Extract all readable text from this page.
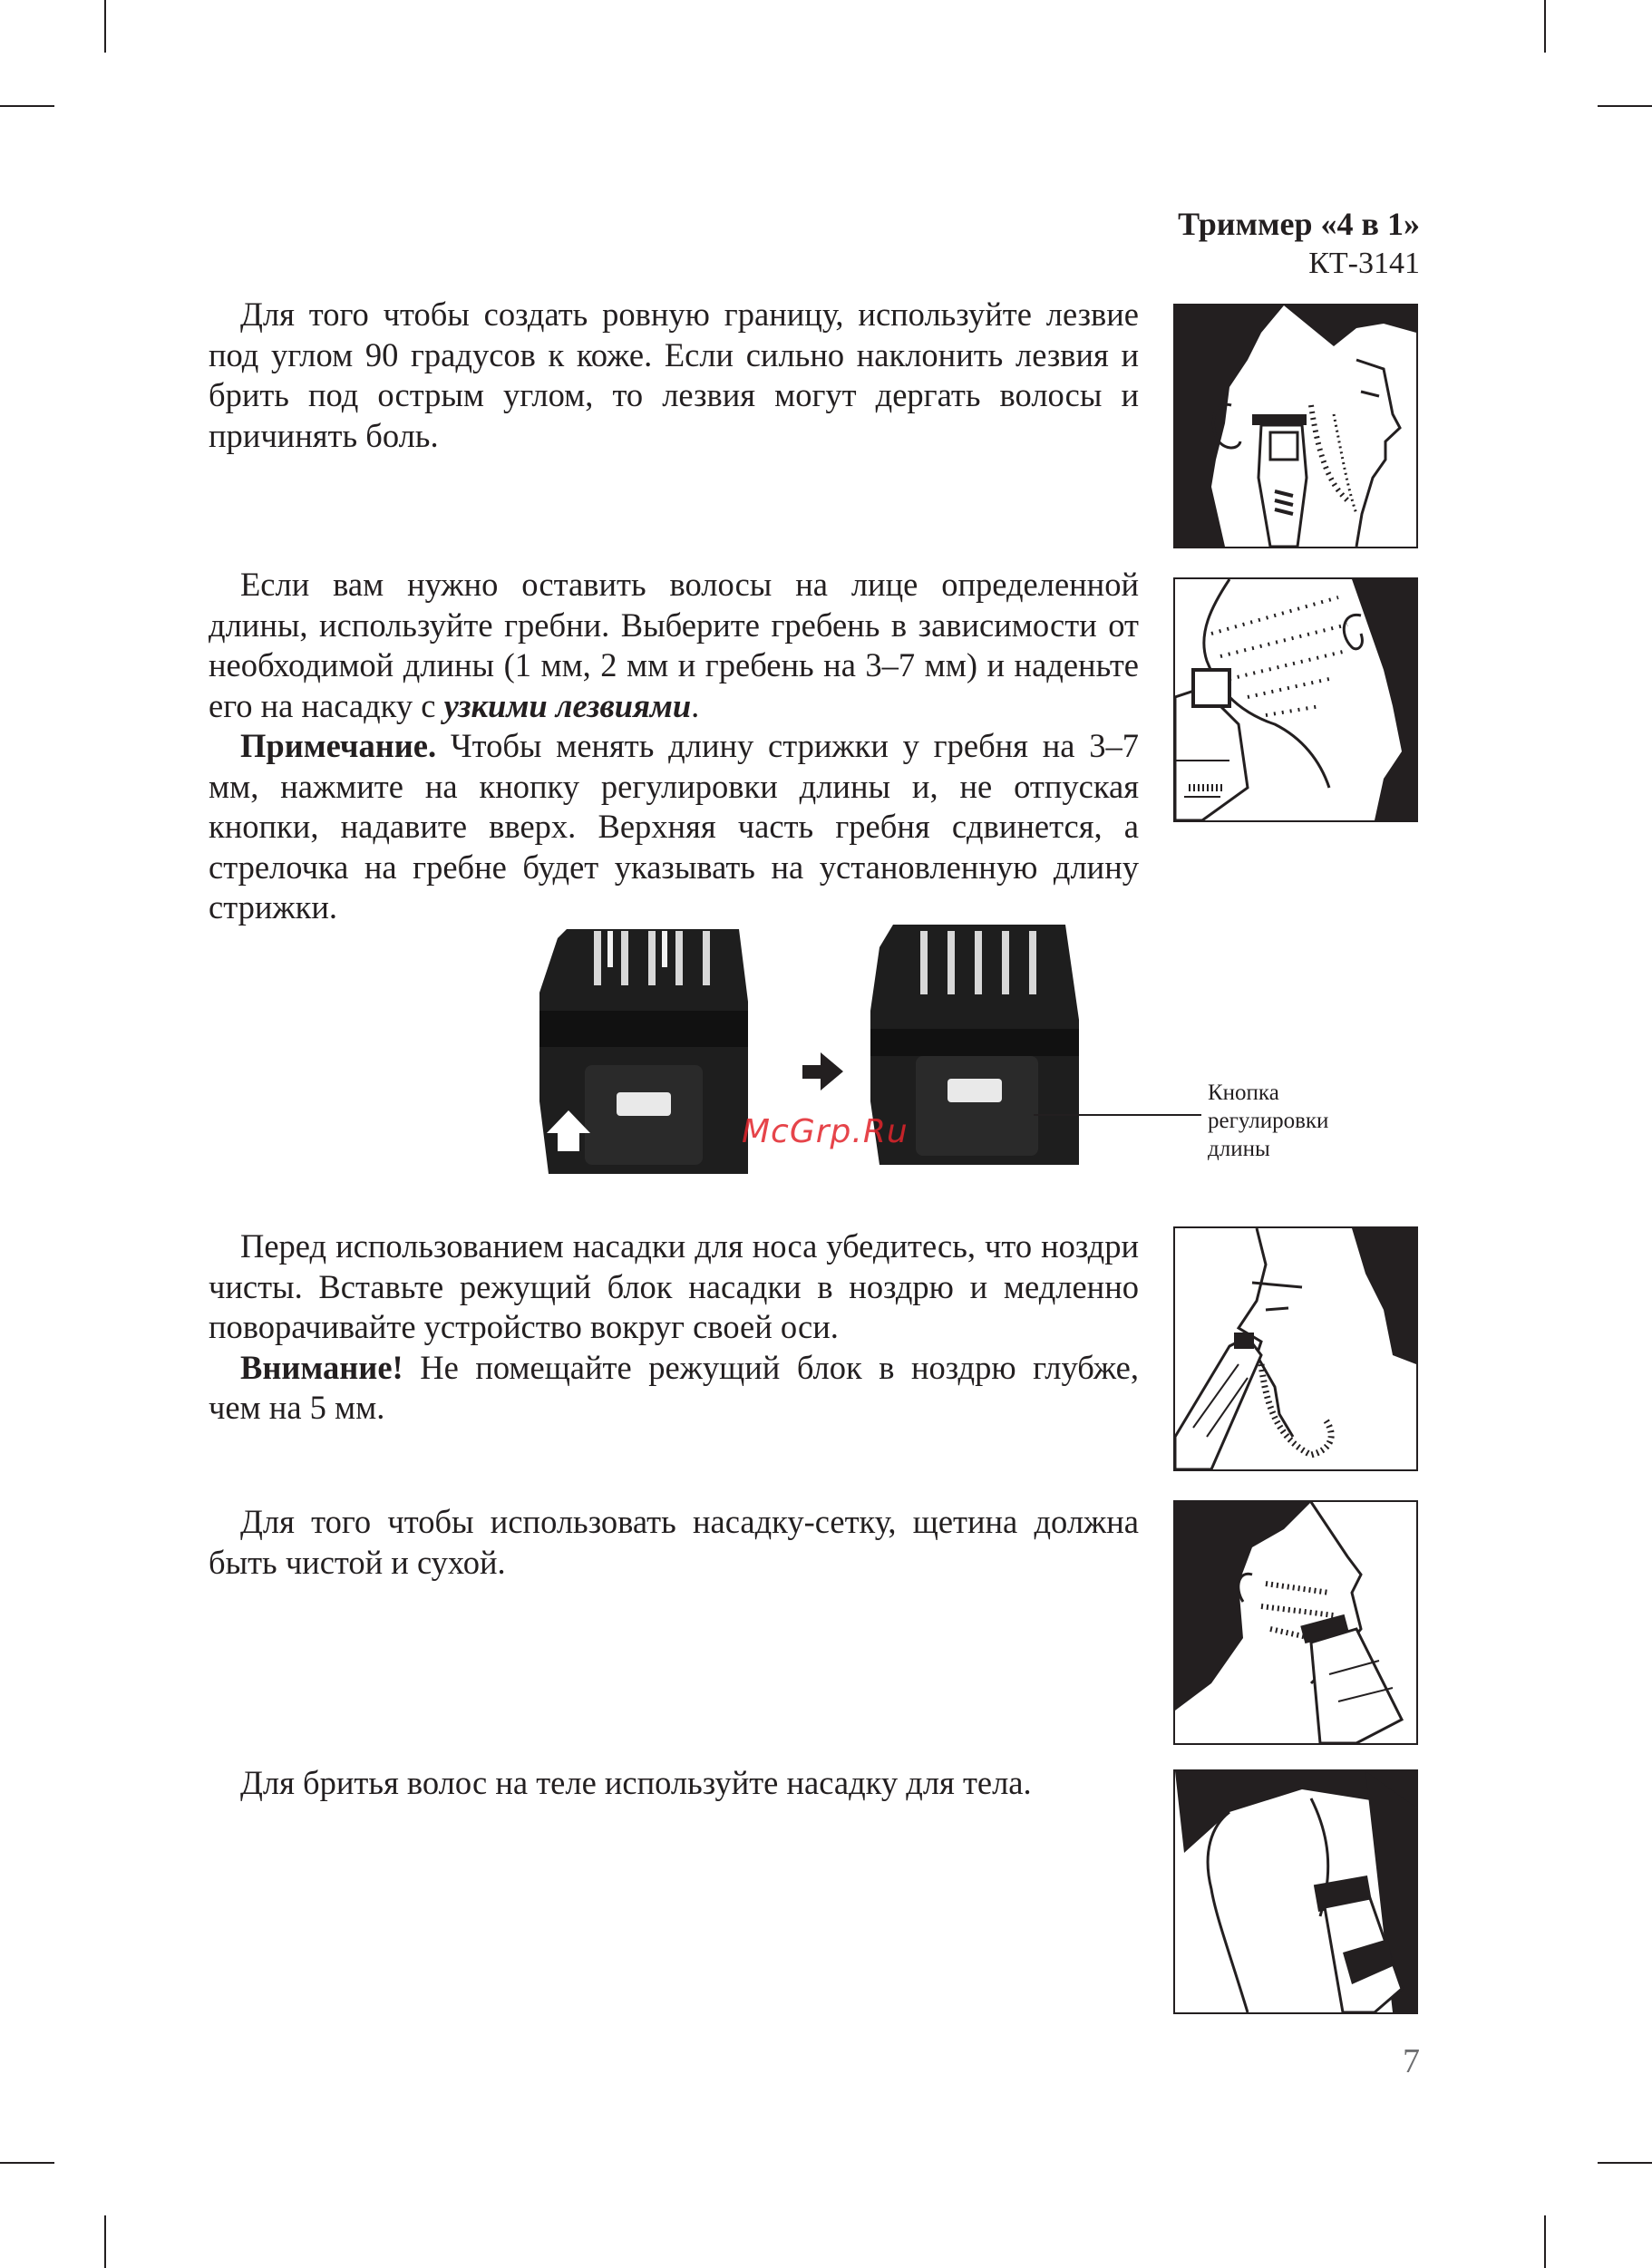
Триммер «4 в 1»
КТ-3141

Для того чтобы создать ровную границу, используйте лезвие под углом 90 градусов к коже. Если сильно наклонить лезвия и брить под острым углом, то лезвия могут дергать волосы и причинять боль.

Если вам нужно оставить волосы на лице определенной длины, используйте гребни. Выберите гребень в зависимости от необходимой длины (1 мм, 2 мм и гребень на 3–7 мм) и наденьте его на насадку с узкими лезвиями.

Примечание. Чтобы менять длину стрижки у гребня на 3–7 мм, нажмите на кнопку регулировки длины и, не отпуская кнопки, надавите вверх. Верхняя часть гребня сдвинется, а стрелочка на гребне будет указывать на установленную длину стрижки.

Перед использованием насадки для носа убедитесь, что ноздри чисты. Вставьте режущий блок насадки в ноздрю и медленно поворачивайте устройство вокруг своей оси.

Внимание! Не помещайте режущий блок в ноздрю глубже, чем на 5 мм.

Для того чтобы использовать насадку-сетку, щетина должна быть чистой и сухой.

Для бритья волос на теле используйте насадку для тела.

Кнопка
регулировки
длины
McGrp.Ru
7
